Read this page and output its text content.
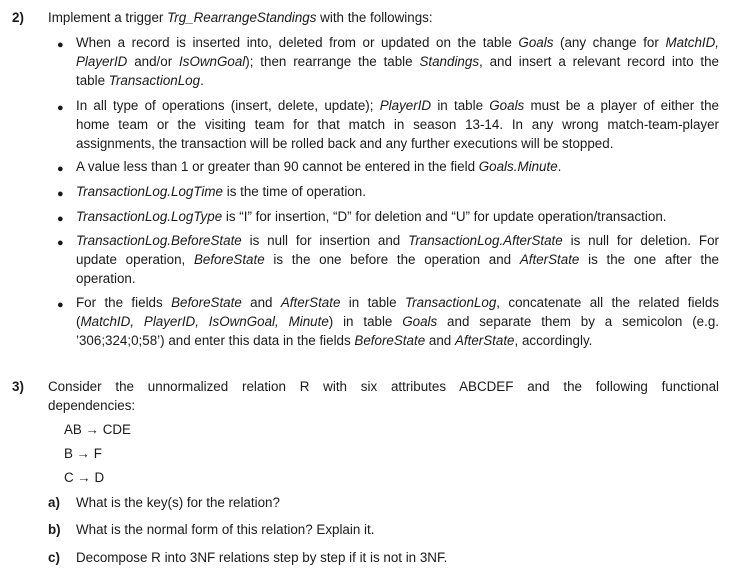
2) Implement a trigger Trg_RearrangeStandings with the followings:
● When a record is inserted into, deleted from or updated on the table Goals (any change for MatchID,
PlayerID and/or IsOwnGoal); then rearrange the table Standings, and insert a relevant record into the
table TransactionLog.
● In all type of operations (insert, delete, update); PlayerID in table Goals must be a player of either the
home team or the visiting team for that match in season 13-14. In any wrong match-team-player
assignments, the transaction will be rolled back and any further executions will be stopped.
● A value less than 1 or greater than 90 cannot be entered in the field Goals.Minute.
● TransactionLog.LogTime is the time of operation.
● TransactionLog.LogType is “I” for insertion, “D” for deletion and “U” for update operation/transaction.
● TransactionLog.BeforeState is null for insertion and TransactionLog.AfterState is null for deletion. For
update operation, BeforeState is the one before the operation and AfterState is the one after the
operation.
● For the fields BeforeState and AfterState in table TransactionLog, concatenate all the related fields
(MatchID, PlayerID, IsOwnGoal, Minute) in table Goals and separate them by a semicolon (e.g.
’306;324;0;58’) and enter this data in the fields BeforeState and AfterState, accordingly.
3) Consider the unnormalized relation R with six attributes ABCDEF and the following functional
dependencies:
AB → CDE
B → F
C → D
a) What is the key(s) for the relation?
b) What is the normal form of this relation? Explain it.
c) Decompose R into 3NF relations step by step if it is not in 3NF.
